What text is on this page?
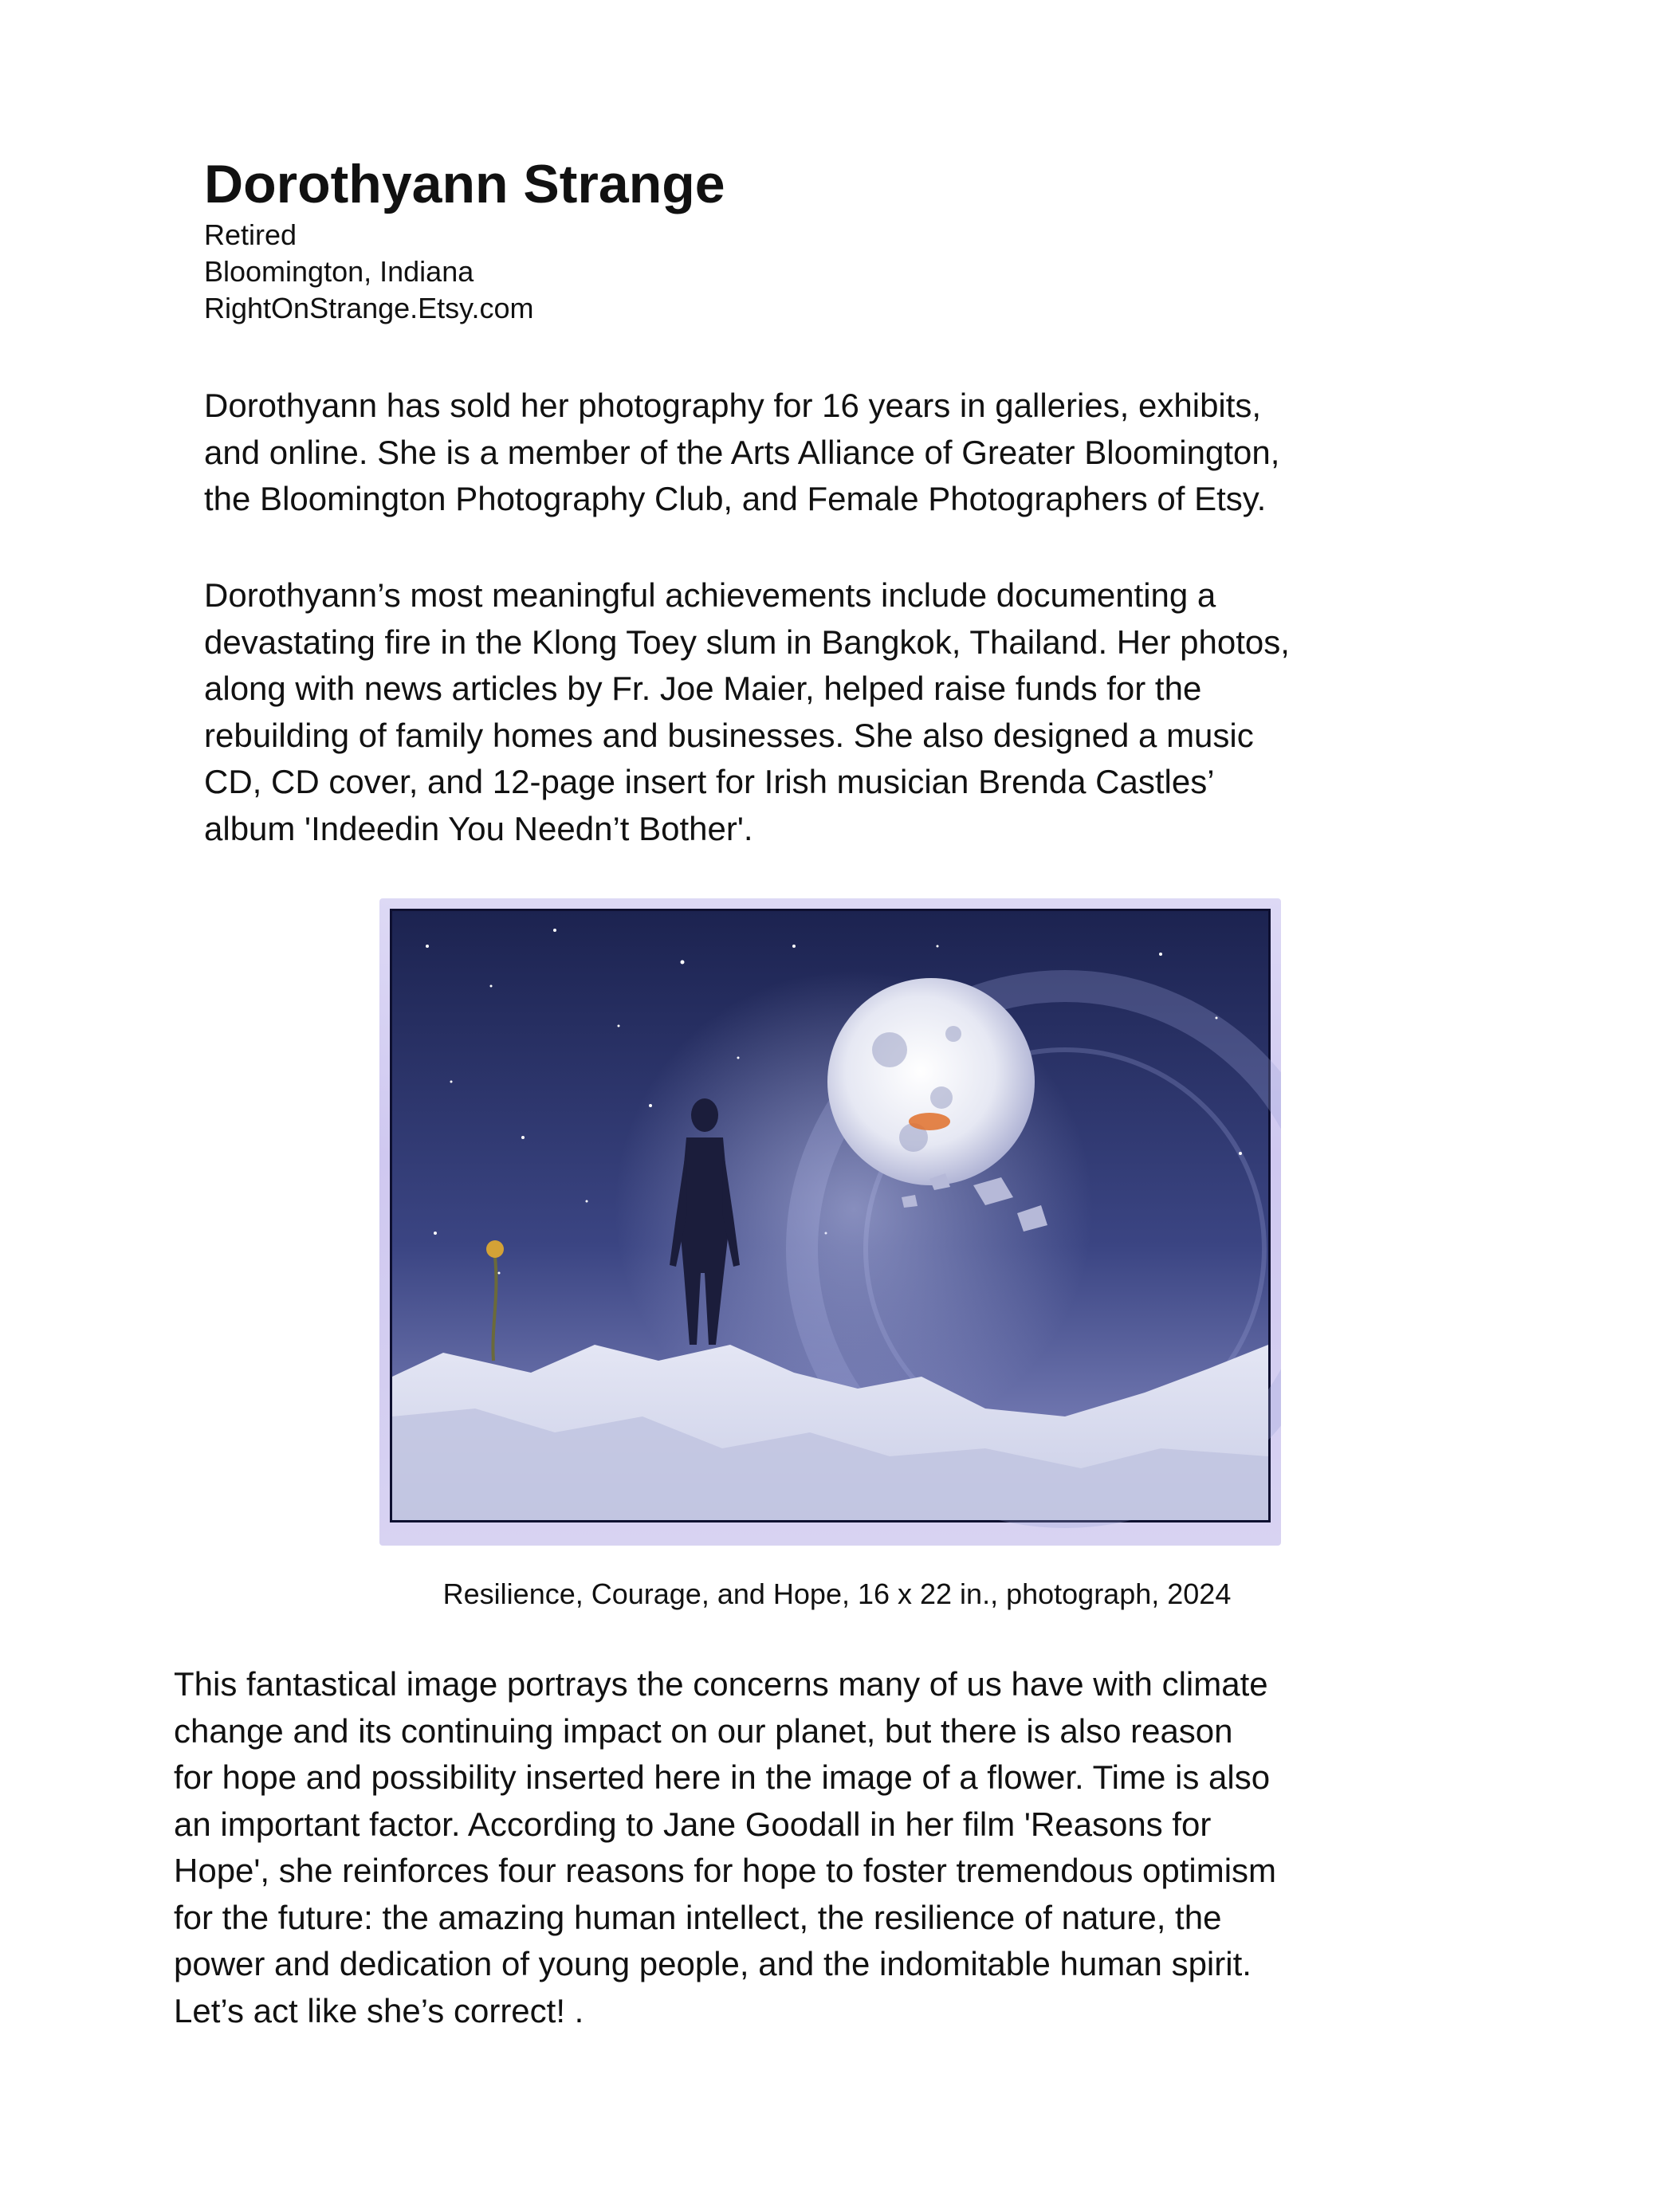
Dorothyann Strange

Retired

Bloomington, Indiana

RightOnStrange.Etsy.com

Dorothyann has sold her photography for 16 years in galleries, exhibits,
and online. She is a member of the Arts Alliance of Greater Bloomington,
the Bloomington Photography Club, and Female Photographers of Etsy.

Dorothyann’s most meaningful achievements include documenting a
devastating fire in the Klong Toey slum in Bangkok, Thailand. Her photos,
along with news articles by Fr. Joe Maier, helped raise funds for the
rebuilding of family homes and businesses. She also designed a music
CD, CD cover, and 12-page insert for Irish musician Brenda Castles’
album 'Indeedin You Needn’t Bother'.

Resilience, Courage, and Hope, 16 x 22 in., photograph, 2024

This fantastical image portrays the concerns many of us have with climate
change and its continuing impact on our planet, but there is also reason
for hope and possibility inserted here in the image of a flower. Time is also
an important factor. According to Jane Goodall in her film 'Reasons for
Hope', she reinforces four reasons for hope to foster tremendous optimism
for the future: the amazing human intellect, the resilience of nature, the
power and dedication of young people, and the indomitable human spirit.
Let’s act like she’s correct! .
